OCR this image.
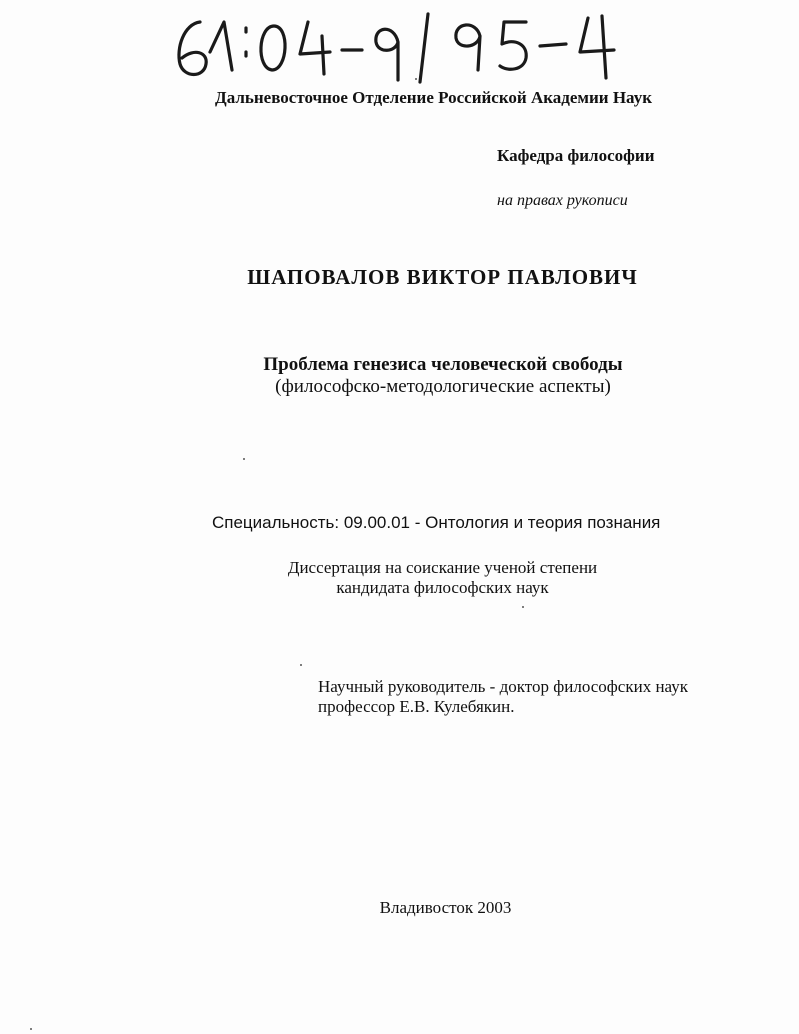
Дальневосточное Отделение Российской Академии Наук
Кафедра философии
на правах рукописи
ШАПОВАЛОВ ВИКТОР ПАВЛОВИЧ
Проблема генезиса человеческой свободы
(философско-методологические аспекты)
Специальность: 09.00.01 - Онтология и теория познания
Диссертация на соискание ученой степени
кандидата философских наук
Научный руководитель - доктор философских наук
профессор Е.В. Кулебякин.
Владивосток 2003
